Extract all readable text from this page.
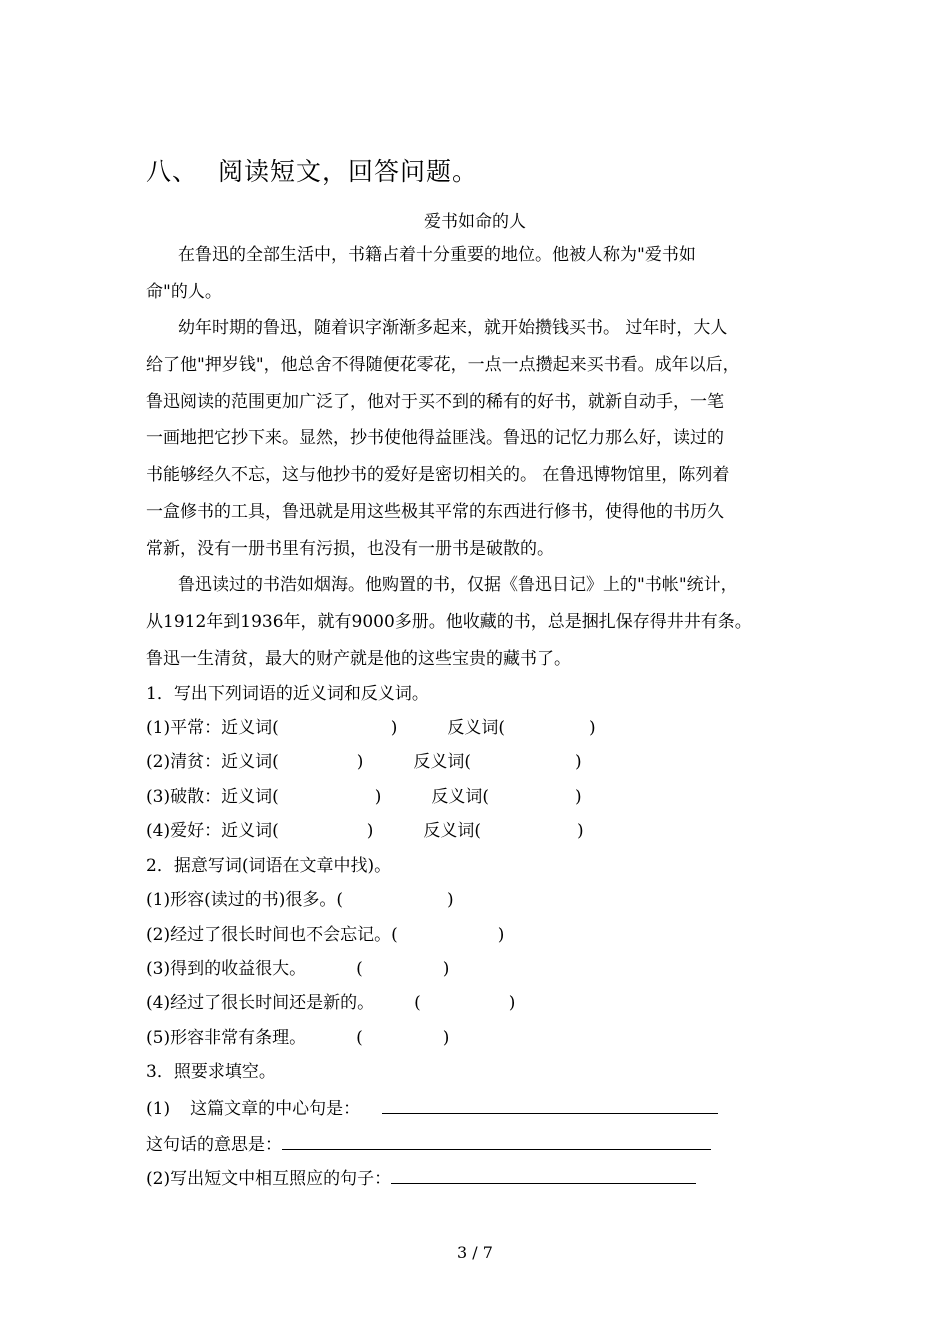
八、 阅读短文，回答问题。
爱书如命的人
在鲁迅的全部生活中，书籍占着十分重要的地位。他被人称为"爱书如
命"的人。
幼年时期的鲁迅，随着识字渐渐多起来，就开始攒钱买书。 过年时，大人
给了他"押岁钱"，他总舍不得随便花零花，一点一点攒起来买书看。成年以后，
鲁迅阅读的范围更加广泛了，他对于买不到的稀有的好书，就新自动手，一笔
一画地把它抄下来。显然，抄书使他得益匪浅。鲁迅的记忆力那么好，读过的
书能够经久不忘，这与他抄书的爱好是密切相关的。 在鲁迅博物馆里，陈列着
一盒修书的工具，鲁迅就是用这些极其平常的东西进行修书，使得他的书历久
常新，没有一册书里有污损，也没有一册书是破散的。
鲁迅读过的书浩如烟海。他购置的书，仅据《鲁迅日记》上的"书帐"统计，
从1912年到1936年，就有9000多册。他收藏的书，总是捆扎保存得井井有条。
鲁迅一生清贫，最大的财产就是他的这些宝贵的藏书了。
1．写出下列词语的近义词和反义词。
(1)平常：近义词(	)	反义词(	)
(2)清贫：近义词(	)	反义词(	)
(3)破散：近义词(	)	反义词(	)
(4)爱好：近义词(	)	反义词(	)
2．据意写词(词语在文章中找)。
(1)形容(读过的书)很多。(	)
(2)经过了很长时间也不会忘记。(	)
(3)得到的收益很大。	(	)
(4)经过了很长时间还是新的。 (	)
(5)形容非常有条理。	(	)
3．照要求填空。
(1) 这篇文章的中心句是：
这句话的意思是：
(2)写出短文中相互照应的句子：
3 / 7
